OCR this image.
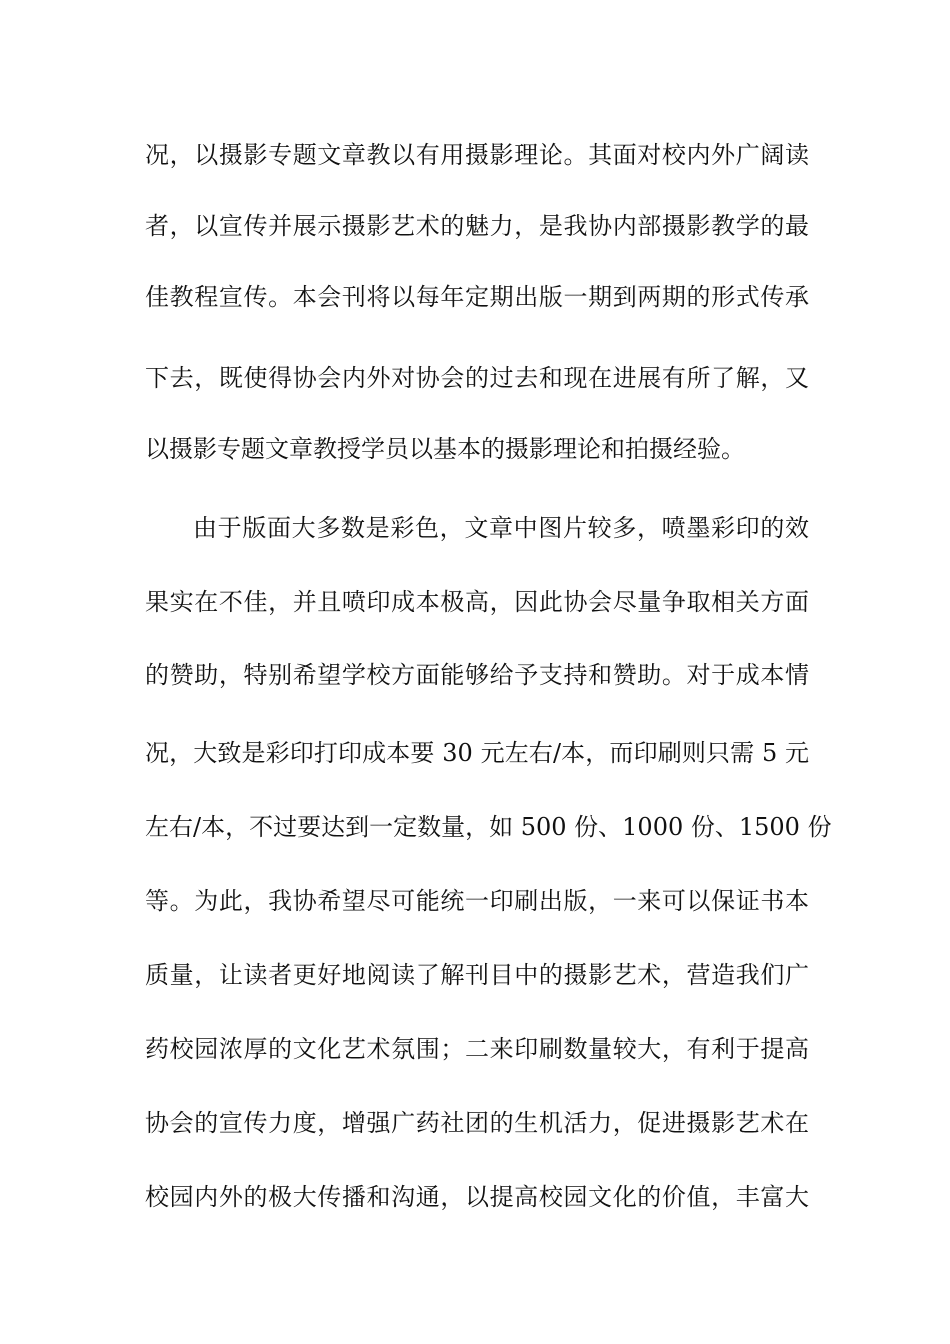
况，以摄影专题文章教以有用摄影理论。其面对校内外广阔读
者，以宣传并展示摄影艺术的魅力，是我协内部摄影教学的最
佳教程宣传。本会刊将以每年定期出版一期到两期的形式传承
下去，既使得协会内外对协会的过去和现在进展有所了解，又
以摄影专题文章教授学员以基本的摄影理论和拍摄经验。
由于版面大多数是彩色，文章中图片较多，喷墨彩印的效
果实在不佳，并且喷印成本极高，因此协会尽量争取相关方面
的赞助，特别希望学校方面能够给予支持和赞助。对于成本情
况，大致是彩印打印成本要 30 元左右/本，而印刷则只需 5 元
左右/本，不过要达到一定数量，如 500 份、1000 份、1500 份
等。为此，我协希望尽可能统一印刷出版，一来可以保证书本
质量，让读者更好地阅读了解刊目中的摄影艺术，营造我们广
药校园浓厚的文化艺术氛围；二来印刷数量较大，有利于提高
协会的宣传力度，增强广药社团的生机活力，促进摄影艺术在
校园内外的极大传播和沟通，以提高校园文化的价值，丰富大
